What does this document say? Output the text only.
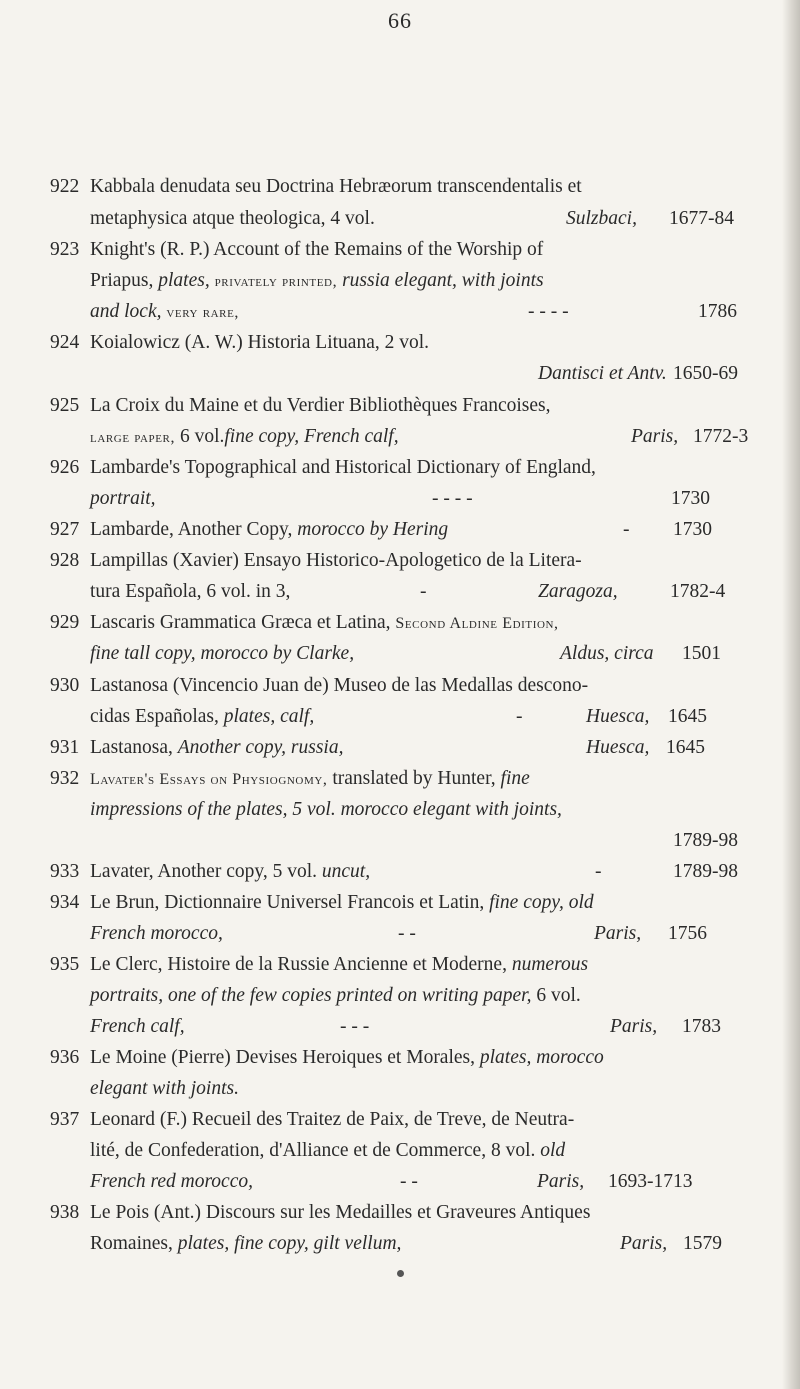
66
922 Kabbala denudata seu Doctrina Hebræorum transcendentalis et
metaphysica atque theologica, 4 vol.	Sulzbaci, 1677-84
923 Knight's (R. P.) Account of the Remains of the Worship of
Priapus, plates, privately printed, russia elegant, with joints
and lock, very rare,	- - - -	1786
924 Koialowicz (A. W.) Historia Lituana, 2 vol.
Dantisci et Antv. 1650-69
925 La Croix du Maine et du Verdier Bibliothèques Francoises,
large paper, 6 vol.fine copy, French calf,	Paris, 1772-3
926 Lambarde's Topographical and Historical Dictionary of England,
portrait,	- - - -	1730
927 Lambarde, Another Copy, morocco by Hering	- 1730
928 Lampillas (Xavier) Ensayo Historico-Apologetico de la Litera-
tura Española, 6 vol. in 3,	-	Zaragoza,	1782-4
929 Lascaris Grammatica Græca et Latina, Second Aldine Edition,
fine tall copy, morocco by Clarke,	Aldus, circa 1501
930 Lastanosa (Vincencio Juan de) Museo de las Medallas descono-
cidas Españolas, plates, calf,	-	Huesca, 1645
931 Lastanosa, Another copy, russia,	Huesca, 1645
932 Lavater's Essays on Physiognomy, translated by Hunter, fine
impressions of the plates, 5 vol. morocco elegant with joints,
1789-98
933 Lavater, Another copy, 5 vol. uncut,	-	1789-98
934 Le Brun, Dictionnaire Universel Francois et Latin, fine copy, old
French morocco,	- -	Paris, 1756
935 Le Clerc, Histoire de la Russie Ancienne et Moderne, numerous
portraits, one of the few copies printed on writing paper, 6 vol.
French calf,	- - -	Paris, 1783
936 Le Moine (Pierre) Devises Heroiques et Morales, plates, morocco
elegant with joints.
937 Leonard (F.) Recueil des Traitez de Paix, de Treve, de Neutra-
lité, de Confederation, d'Alliance et de Commerce, 8 vol. old
French red morocco,	- -	Paris, 1693-1713
938 Le Pois (Ant.) Discours sur les Medailles et Graveures Antiques
Romaines, plates, fine copy, gilt vellum,	Paris, 1579
